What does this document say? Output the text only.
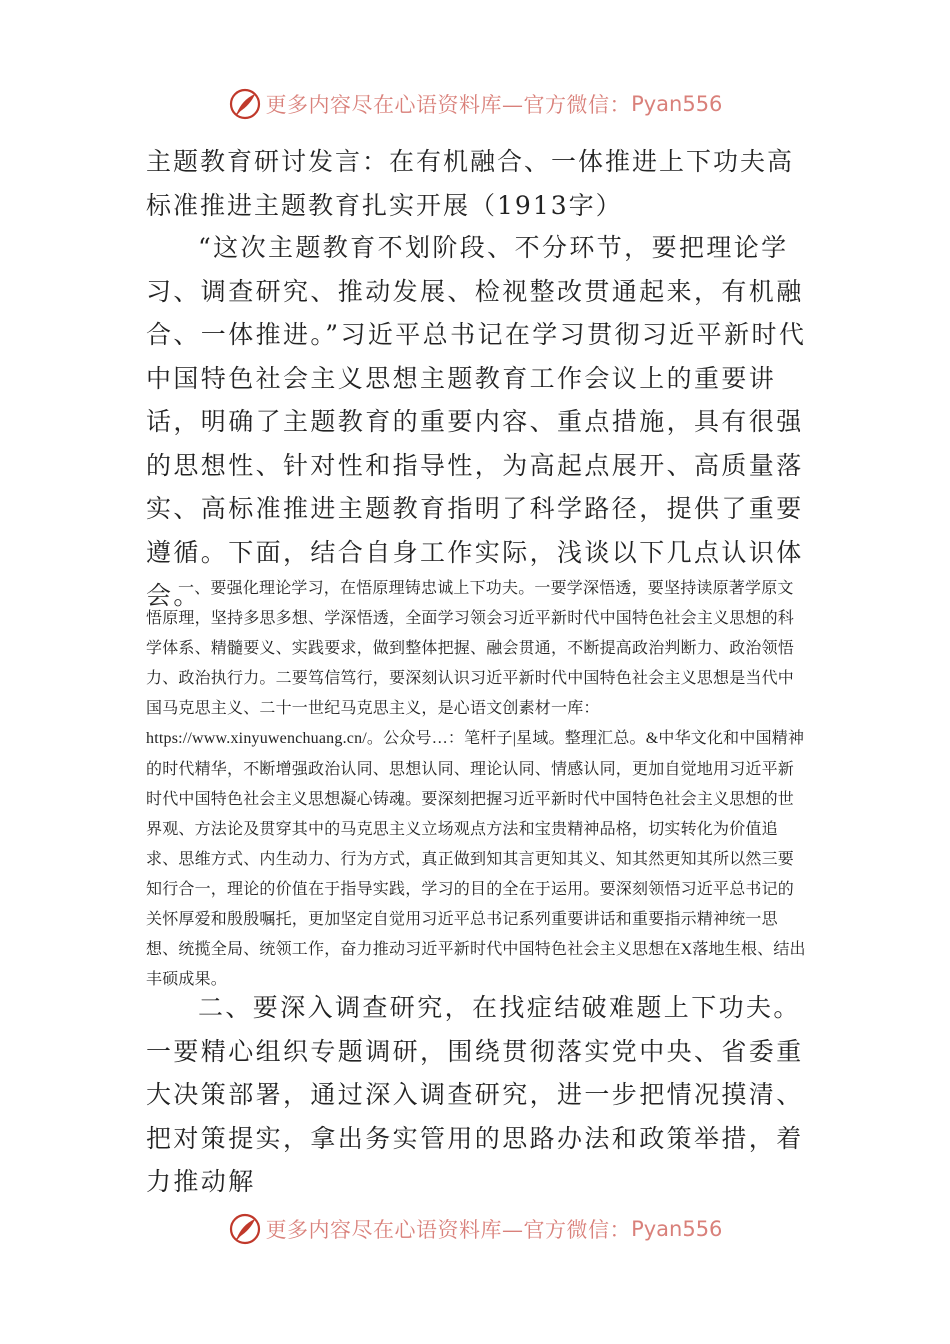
更多内容尽在心语资料库—官方微信： Pyan556
主题教育研讨发言：在有机融合、一体推进上下功夫高标准推进主题教育扎实开展（1913字）

“这次主题教育不划阶段、不分环节，要把理论学习、调查研究、推动发展、检视整改贯通起来，有机融合、一体推进。”习近平总书记在学习贯彻习近平新时代中国特色社会主义思想主题教育工作会议上的重要讲话，明确了主题教育的重要内容、重点措施，具有很强的思想性、针对性和指导性，为高起点展开、高质量落实、高标准推进主题教育指明了科学路径，提供了重要遵循。下面，结合自身工作实际，浅谈以下几点认识体会。

一、要强化理论学习，在悟原理铸忠诚上下功夫。一要学深悟透，要坚持读原著学原文悟原理，坚持多思多想、学深悟透，全面学习领会习近平新时代中国特色社会主义思想的科学体系、精髓要义、实践要求，做到整体把握、融会贯通，不断提高政治判断力、政治领悟力、政治执行力。二要笃信笃行，要深刻认识习近平新时代中国特色社会主义思想是当代中国马克思主义、二十一世纪马克思主义，是心语文创素材一库：https://www.xinyuwenchuang.cn/。公众号…：笔杆子|星域。整理汇总。&中华文化和中国精神的时代精华，不断增强政治认同、思想认同、理论认同、情感认同，更加自觉地用习近平新时代中国特色社会主义思想凝心铸魂。要深刻把握习近平新时代中国特色社会主义思想的世界观、方法论及贯穿其中的马克思主义立场观点方法和宝贵精神品格，切实转化为价值追求、思维方式、内生动力、行为方式，真正做到知其言更知其义、知其然更知其所以然三要知行合一，理论的价值在于指导实践，学习的目的全在于运用。要深刻领悟习近平总书记的关怀厚爱和殷殷嘱托，更加坚定自觉用习近平总书记系列重要讲话和重要指示精神统一思想、统揽全局、统领工作，奋力推动习近平新时代中国特色社会主义思想在X落地生根、结出丰硕成果。

二、要深入调查研究，在找症结破难题上下功夫。一要精心组织专题调研，围绕贯彻落实党中央、省委重大决策部署，通过深入调查研究，进一步把情况摸清、把对策提实，拿出务实管用的思路办法和政策举措，着力推动解

更多内容尽在心语资料库—官方微信： Pyan556
